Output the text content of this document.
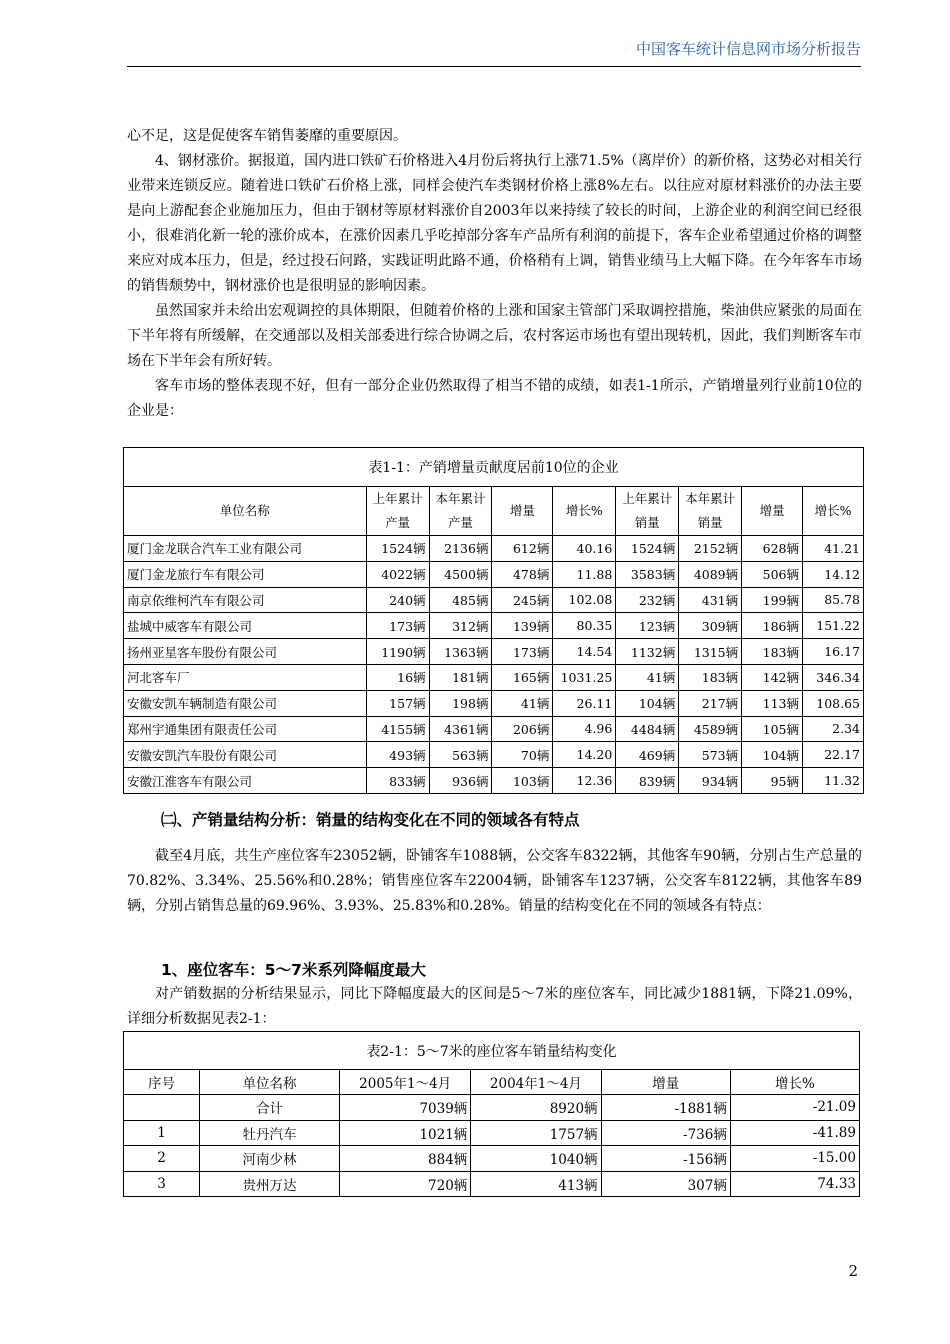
中国客车统计信息网市场分析报告

心不足，这是促使客车销售萎靡的重要原因。

4、钢材涨价。据报道，国内进口铁矿石价格进入4月份后将执行上涨71.5%（离岸价）的新价格，这势必对相关行业带来连锁反应。随着进口铁矿石价格上涨，同样会使汽车类钢材价格上涨8%左右。以往应对原材料涨价的办法主要是向上游配套企业施加压力，但由于钢材等原材料涨价自2003年以来持续了较长的时间，上游企业的利润空间已经很小，很难消化新一轮的涨价成本，在涨价因素几乎吃掉部分客车产品所有利润的前提下，客车企业希望通过价格的调整来应对成本压力，但是，经过投石问路，实践证明此路不通，价格稍有上调，销售业绩马上大幅下降。在今年客车市场的销售颓势中，钢材涨价也是很明显的影响因素。

虽然国家并未给出宏观调控的具体期限，但随着价格的上涨和国家主管部门采取调控措施，柴油供应紧张的局面在下半年将有所缓解，在交通部以及相关部委进行综合协调之后，农村客运市场也有望出现转机，因此，我们判断客车市场在下半年会有所好转。

客车市场的整体表现不好，但有一部分企业仍然取得了相当不错的成绩，如表1-1所示，产销增量列行业前10位的企业是：

表1-1：产销增量贡献度居前10位的企业								
单位名称	上年累计产量	本年累计产量	增量	增长%	上年累计销量	本年累计销量	增量	增长%
厦门金龙联合汽车工业有限公司	1524辆	2136辆	612辆	40.16	1524辆	2152辆	628辆	41.21
厦门金龙旅行车有限公司	4022辆	4500辆	478辆	11.88	3583辆	4089辆	506辆	14.12
南京依维柯汽车有限公司	240辆	485辆	245辆	102.08	232辆	431辆	199辆	85.78
盐城中威客车有限公司	173辆	312辆	139辆	80.35	123辆	309辆	186辆	151.22
扬州亚星客车股份有限公司	1190辆	1363辆	173辆	14.54	1132辆	1315辆	183辆	16.17
河北客车厂	16辆	181辆	165辆	1031.25	41辆	183辆	142辆	346.34
安徽安凯车辆制造有限公司	157辆	198辆	41辆	26.11	104辆	217辆	113辆	108.65
郑州宇通集团有限责任公司	4155辆	4361辆	206辆	4.96	4484辆	4589辆	105辆	2.34
安徽安凯汽车股份有限公司	493辆	563辆	70辆	14.20	469辆	573辆	104辆	22.17
安徽江淮客车有限公司	833辆	936辆	103辆	12.36	839辆	934辆	95辆	11.32
㈡、产销量结构分析：销量的结构变化在不同的领域各有特点
截至4月底，共生产座位客车23052辆，卧铺客车1088辆，公交客车8322辆，其他客车90辆，分别占生产总量的70.82%、3.34%、25.56%和0.28%；销售座位客车22004辆，卧铺客车1237辆，公交客车8122辆，其他客车89辆，分别占销售总量的69.96%、3.93%、25.83%和0.28%。销量的结构变化在不同的领域各有特点：
1、座位客车：5～7米系列降幅度最大
对产销数据的分析结果显示，同比下降幅度最大的区间是5～7米的座位客车，同比减少1881辆，下降21.09%，详细分析数据见表2-1：
表2-1：5～7米的座位客车销量结构变化					
序号	单位名称	2005年1～4月	2004年1～4月	增量	增长%
	合计	7039辆	8920辆	-1881辆	-21.09
1	牡丹汽车	1021辆	1757辆	-736辆	-41.89
2	河南少林	884辆	1040辆	-156辆	-15.00
3	贵州万达	720辆	413辆	307辆	74.33
2
